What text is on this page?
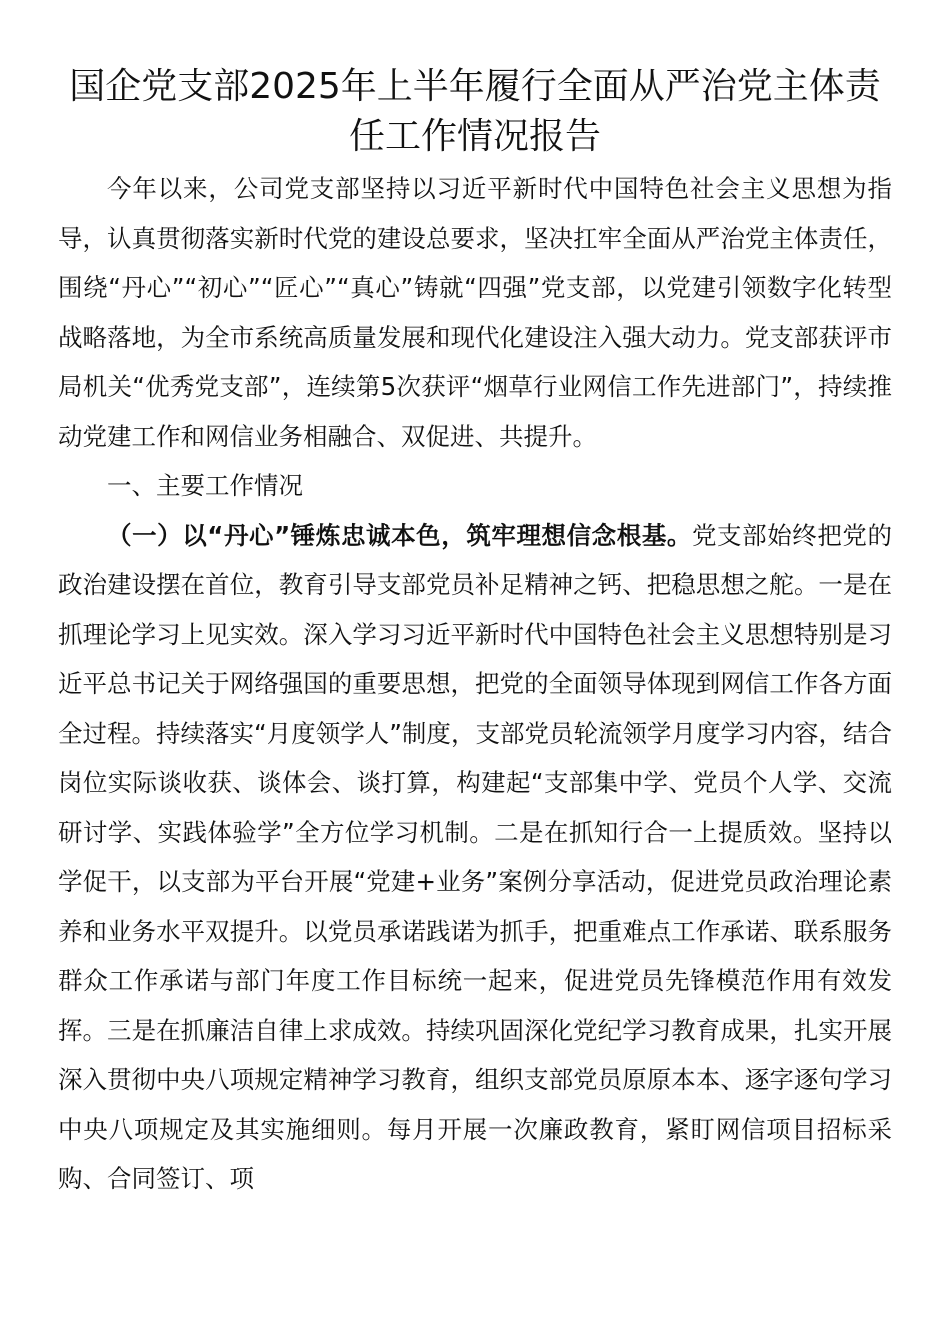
国企党支部2025年上半年履行全面从严治党主体责任工作情况报告

今年以来，公司党支部坚持以习近平新时代中国特色社会主义思想为指导，认真贯彻落实新时代党的建设总要求，坚决扛牢全面从严治党主体责任，围绕“丹心”“初心”“匠心”“真心”铸就“四强”党支部，以党建引领数字化转型战略落地，为全市系统高质量发展和现代化建设注入强大动力。党支部获评市局机关“优秀党支部”，连续第5次获评“烟草行业网信工作先进部门”，持续推动党建工作和网信业务相融合、双促进、共提升。

一、主要工作情况

（一）以“丹心”锤炼忠诚本色，筑牢理想信念根基。党支部始终把党的政治建设摆在首位，教育引导支部党员补足精神之钙、把稳思想之舵。一是在抓理论学习上见实效。深入学习习近平新时代中国特色社会主义思想特别是习近平总书记关于网络强国的重要思想，把党的全面领导体现到网信工作各方面全过程。持续落实“月度领学人”制度，支部党员轮流领学月度学习内容，结合岗位实际谈收获、谈体会、谈打算，构建起“支部集中学、党员个人学、交流研讨学、实践体验学”全方位学习机制。二是在抓知行合一上提质效。坚持以学促干，以支部为平台开展“党建+业务”案例分享活动，促进党员政治理论素养和业务水平双提升。以党员承诺践诺为抓手，把重难点工作承诺、联系服务群众工作承诺与部门年度工作目标统一起来，促进党员先锋模范作用有效发挥。三是在抓廉洁自律上求成效。持续巩固深化党纪学习教育成果，扎实开展深入贯彻中央八项规定精神学习教育，组织支部党员原原本本、逐字逐句学习中央八项规定及其实施细则。每月开展一次廉政教育，紧盯网信项目招标采购、合同签订、项
